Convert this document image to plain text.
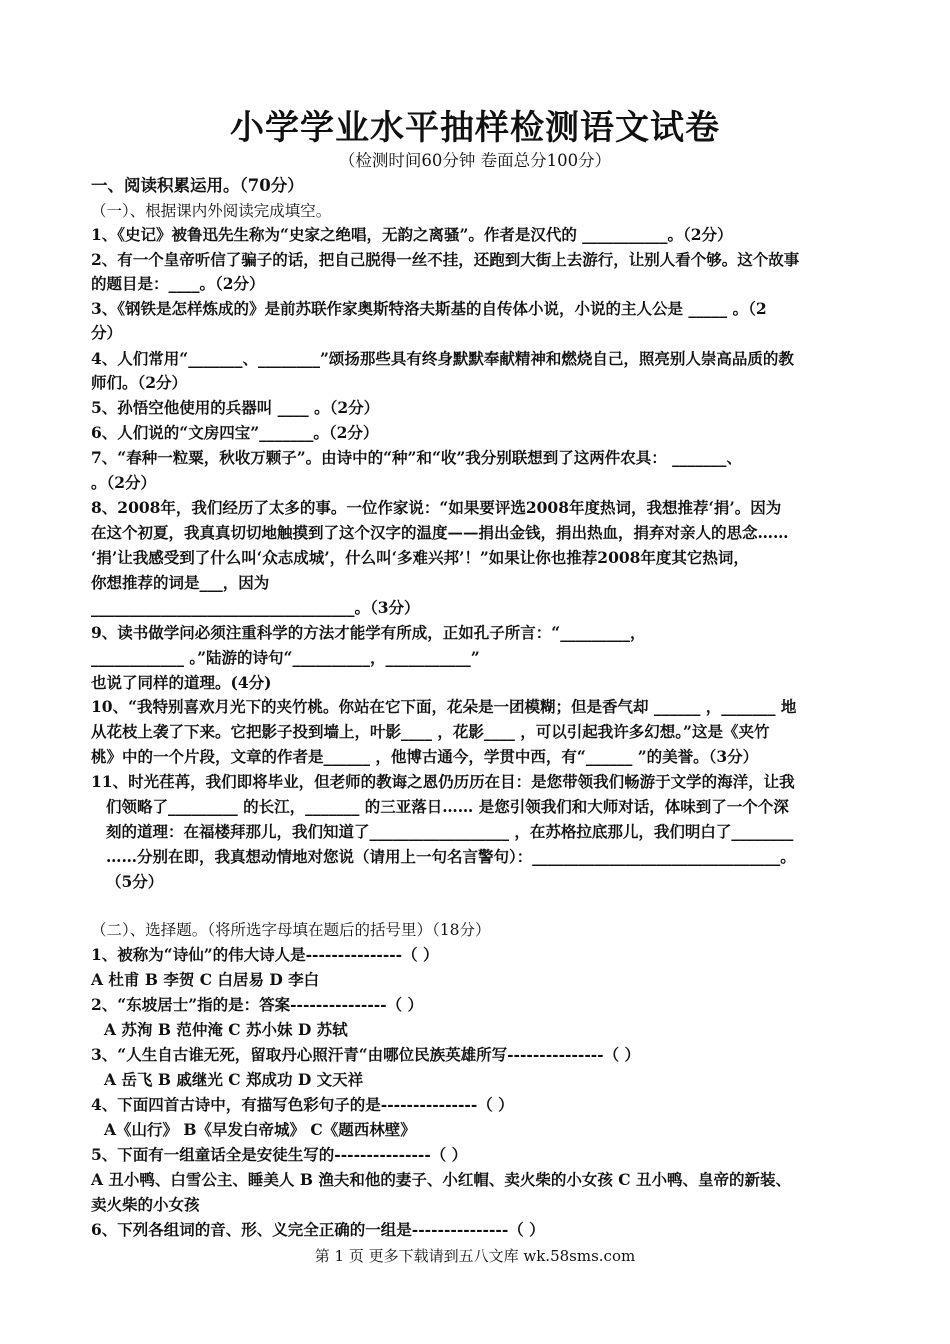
小学学业水平抽样检测语文试卷
（检测时间60分钟 卷面总分100分）
一、阅读积累运用。（70分）
（一）、根据课内外阅读完成填空。
1、《史记》被鲁迅先生称为“史家之绝唱，无韵之离骚”。作者是汉代的 ___________。（2分）
2、有一个皇帝听信了骗子的话，把自己脱得一丝不挂，还跑到大街上去游行，让别人看个够。这个故事
的题目是：____。（2分）
3、《钢铁是怎样炼成的》是前苏联作家奥斯特洛夫斯基的自传体小说，小说的主人公是 _____ 。（2
分）
4、人们常用“_______、________”颂扬那些具有终身默默奉献精神和燃烧自己，照亮别人崇高品质的教
师们。（2分）
5、孙悟空他使用的兵器叫 ____ 。（2分）
6、人们说的“文房四宝”_______。（2分）
7、“春种一粒粟，秋收万颗子”。由诗中的“种”和“收”我分别联想到了这两件农具： _______、
。（2分）
8、2008年，我们经历了太多的事。一位作家说：“如果要评选2008年度热词，我想推荐‘捐’。因为
在这个初夏，我真真切切地触摸到了这个汉字的温度——捐出金钱，捐出热血，捐弃对亲人的思念……
‘捐’让我感受到了什么叫‘众志成城’，什么叫‘多难兴邦’！”如果让你也推荐2008年度其它热词，
你想推荐的词是___，因为
__________________________________。（3分）
9、读书做学问必须注重科学的方法才能学有所成，正如孔子所言：“_________，
____________ 。”陆游的诗句“__________，___________”
也说了同样的道理。(4分)
10、“我特别喜欢月光下的夹竹桃。你站在它下面，花朵是一团模糊；但是香气却 ______ ，_______ 地
从花枝上袭了下来。它把影子投到墙上，叶影____ ，花影____ ，可以引起我许多幻想。”这是《夹竹
桃》中的一个片段，文章的作者是______ ，他博古通今，学贯中西，有“______ ”的美誉。（3分）
11、时光荏苒，我们即将毕业，但老师的教诲之恩仍历历在目：是您带领我们畅游于文学的海洋，让我
们领略了_________ 的长江，_______ 的三亚落日…… 是您引领我们和大师对话，体味到了一个个深
刻的道理：在福楼拜那儿，我们知道了__________________ ，在苏格拉底那儿，我们明白了________
……分别在即，我真想动情地对您说（请用上一句名言警句）：________________________________。
（5分）
（二）、选择题。（将所选字母填在题后的括号里）（18分）
1、被称为“诗仙”的伟大诗人是---------------（ ）
A 杜甫 B 李贺 C 白居易 D 李白
2、“东坡居士”指的是：答案---------------（ ）
A 苏洵 B 范仲淹 C 苏小妹 D 苏轼
3、“人生自古谁无死，留取丹心照汗青“由哪位民族英雄所写---------------（ ）
A 岳飞 B 戚继光 C 郑成功 D 文天祥
4、下面四首古诗中，有描写色彩句子的是---------------（ ）
A《山行》 B《早发白帝城》 C《题西林壁》
5、下面有一组童话全是安徒生写的---------------（ ）
A 丑小鸭、白雪公主、睡美人 B 渔夫和他的妻子、小红帽、卖火柴的小女孩 C 丑小鸭、皇帝的新装、
卖火柴的小女孩
6、下列各组词的音、形、义完全正确的一组是---------------（ ）
第 1 页 更多下载请到五八文库 wk.58sms.com
